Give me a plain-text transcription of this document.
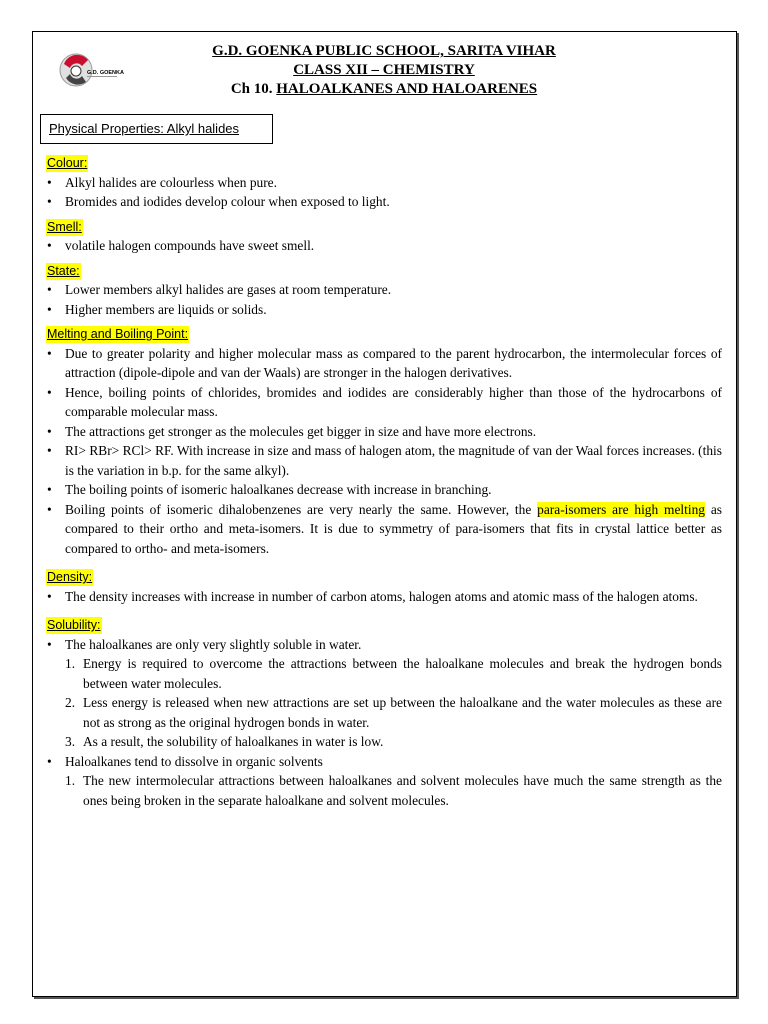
G.D. GOENKA
G.D. GOENKA PUBLIC SCHOOL, SARITA VIHAR
CLASS XII – CHEMISTRY
Ch 10. HALOALKANES AND HALOARENES
Physical Properties: Alkyl halides
Colour:
• Alkyl halides are colourless when pure.
• Bromides and iodides develop colour when exposed to light.
Smell:
• volatile halogen compounds have sweet smell.
State:
• Lower members alkyl halides are gases at room temperature.
• Higher members are liquids or solids.
Melting and Boiling Point:
• Due to greater polarity and higher molecular mass as compared to the parent hydrocarbon, the intermolecular forces of attraction (dipole-dipole and van der Waals) are stronger in the halogen derivatives.
• Hence, boiling points of chlorides, bromides and iodides are considerably higher than those of the hydrocarbons of comparable molecular mass.
• The attractions get stronger as the molecules get bigger in size and have more electrons.
• RI> RBr> RCl> RF. With increase in size and mass of halogen atom, the magnitude of van der Waal forces increases. (this is the variation in b.p. for the same alkyl).
• The boiling points of isomeric haloalkanes decrease with increase in branching.
• Boiling points of isomeric dihalobenzenes are very nearly the same. However, the para-isomers are high melting as compared to their ortho and meta-isomers. It is due to symmetry of para-isomers that fits in crystal lattice better as compared to ortho- and meta-isomers.
Density:
• The density increases with increase in number of carbon atoms, halogen atoms and atomic mass of the halogen atoms.
Solubility:
• The haloalkanes are only very slightly soluble in water.
1. Energy is required to overcome the attractions between the haloalkane molecules and break the hydrogen bonds between water molecules.
2. Less energy is released when new attractions are set up between the haloalkane and the water molecules as these are not as strong as the original hydrogen bonds in water.
3. As a result, the solubility of haloalkanes in water is low.
• Haloalkanes tend to dissolve in organic solvents
1. The new intermolecular attractions between haloalkanes and solvent molecules have much the same strength as the ones being broken in the separate haloalkane and solvent molecules.
